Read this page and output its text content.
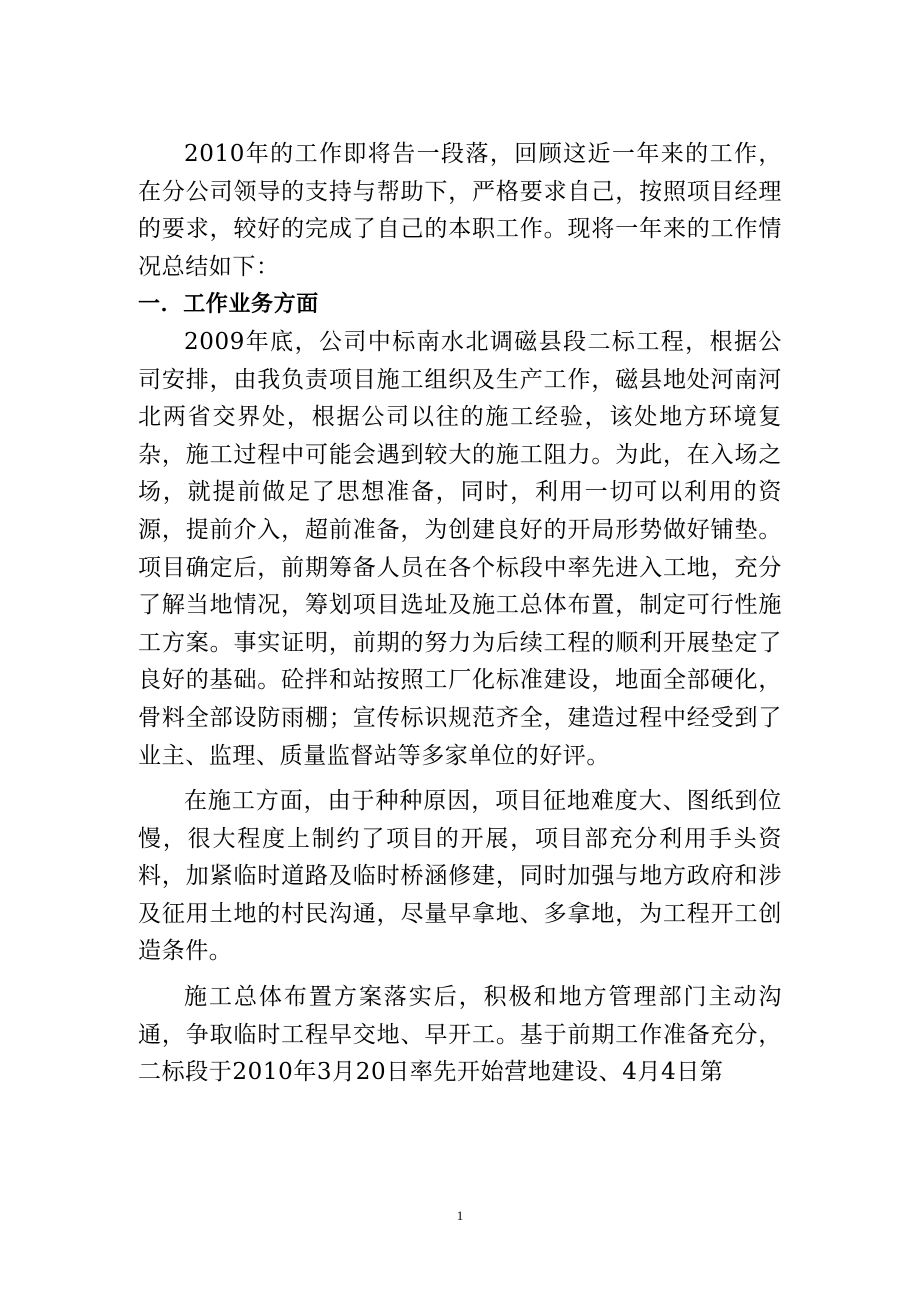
2010年的工作即将告一段落，回顾这近一年来的工作，在分公司领导的支持与帮助下，严格要求自己，按照项目经理的要求，较好的完成了自己的本职工作。现将一年来的工作情况总结如下：

一．工作业务方面

2009年底，公司中标南水北调磁县段二标工程，根据公司安排，由我负责项目施工组织及生产工作，磁县地处河南河北两省交界处，根据公司以往的施工经验，该处地方环境复杂，施工过程中可能会遇到较大的施工阻力。为此，在入场之场，就提前做足了思想准备，同时，利用一切可以利用的资源，提前介入，超前准备，为创建良好的开局形势做好铺垫。项目确定后，前期筹备人员在各个标段中率先进入工地，充分了解当地情况，筹划项目选址及施工总体布置，制定可行性施工方案。事实证明，前期的努力为后续工程的顺利开展垫定了良好的基础。砼拌和站按照工厂化标准建设，地面全部硬化，骨料全部设防雨棚；宣传标识规范齐全，建造过程中经受到了业主、监理、质量监督站等多家单位的好评。

在施工方面，由于种种原因，项目征地难度大、图纸到位慢，很大程度上制约了项目的开展，项目部充分利用手头资料，加紧临时道路及临时桥涵修建，同时加强与地方政府和涉及征用土地的村民沟通，尽量早拿地、多拿地，为工程开工创造条件。

施工总体布置方案落实后，积极和地方管理部门主动沟通，争取临时工程早交地、早开工。基于前期工作准备充分，二标段于2010年3月20日率先开始营地建设、4月4日第

1
